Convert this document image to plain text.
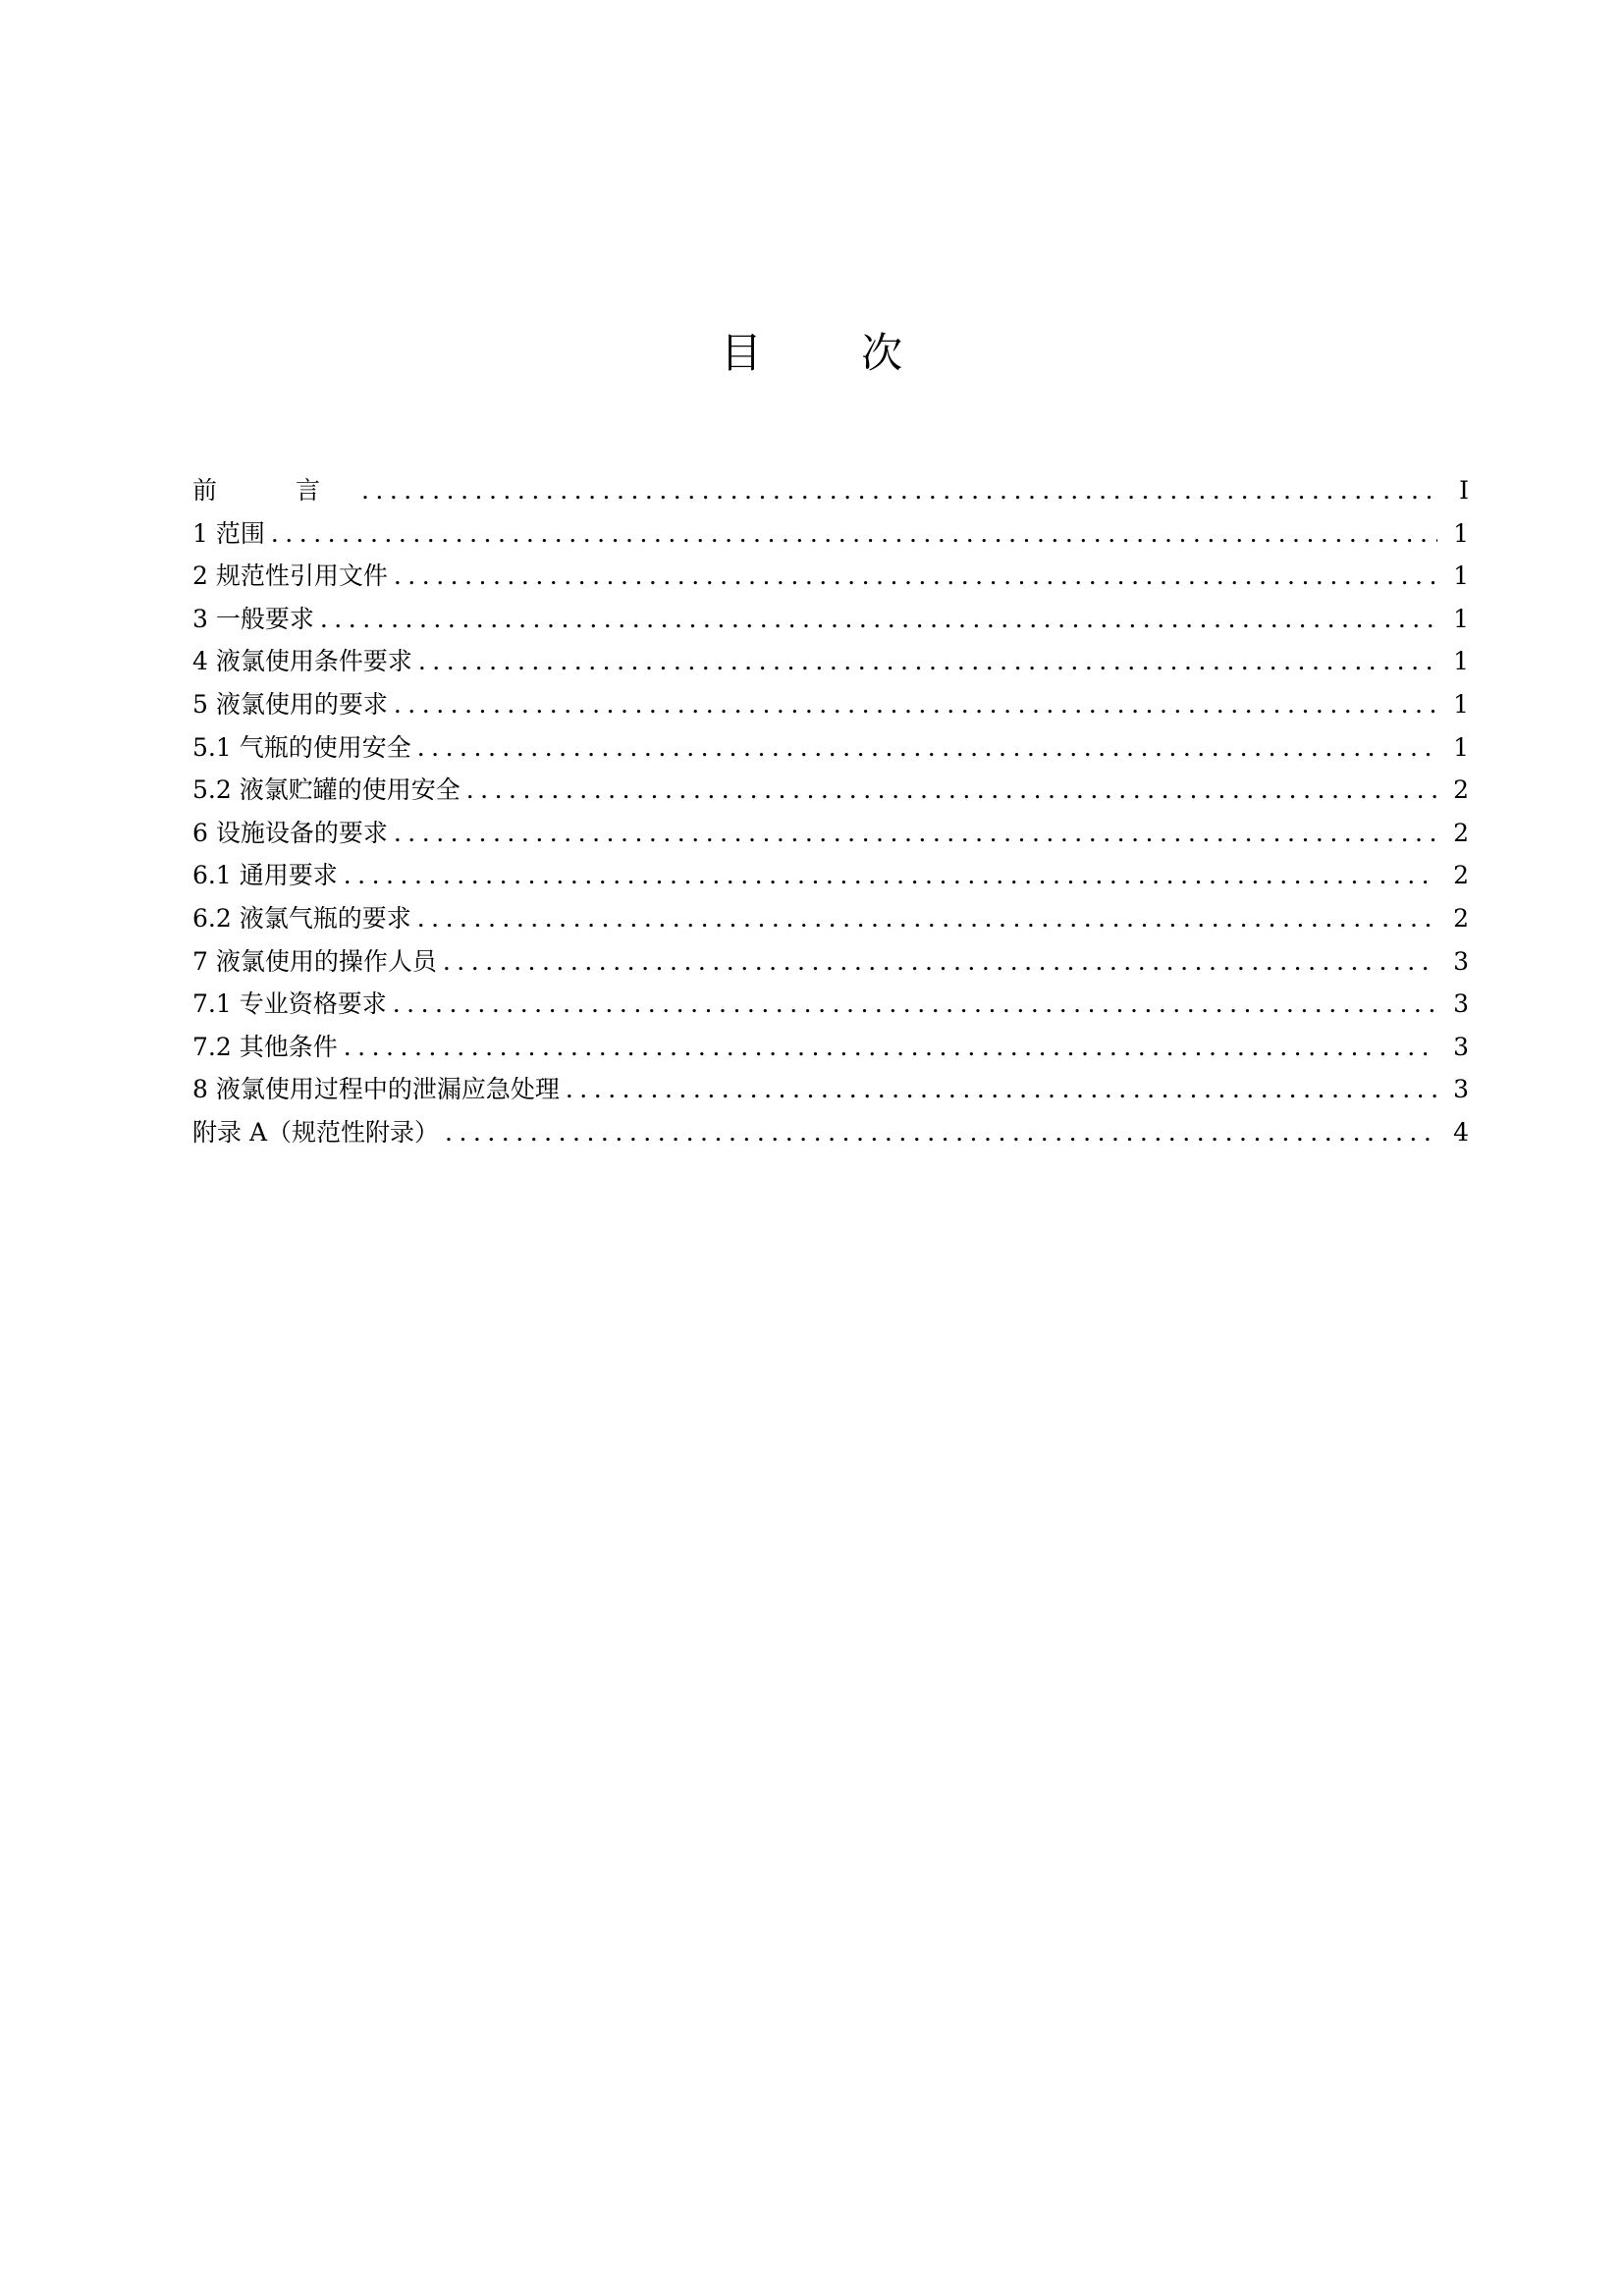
目 次
前 言 .....	I
1 范围 .....	1
2 规范性引用文件 .....	1
3 一般要求 .....	1
4 液氯使用条件要求 .....	1
5 液氯使用的要求 .....	1
5.1 气瓶的使用安全 .....	1
5.2 液氯贮罐的使用安全 .....	2
6 设施设备的要求 .....	2
6.1 通用要求 .....	2
6.2 液氯气瓶的要求 .....	2
7 液氯使用的操作人员 .....	3
7.1 专业资格要求 .....	3
7.2 其他条件 .....	3
8 液氯使用过程中的泄漏应急处理 .....	3
附录 A（规范性附录） .....	4
